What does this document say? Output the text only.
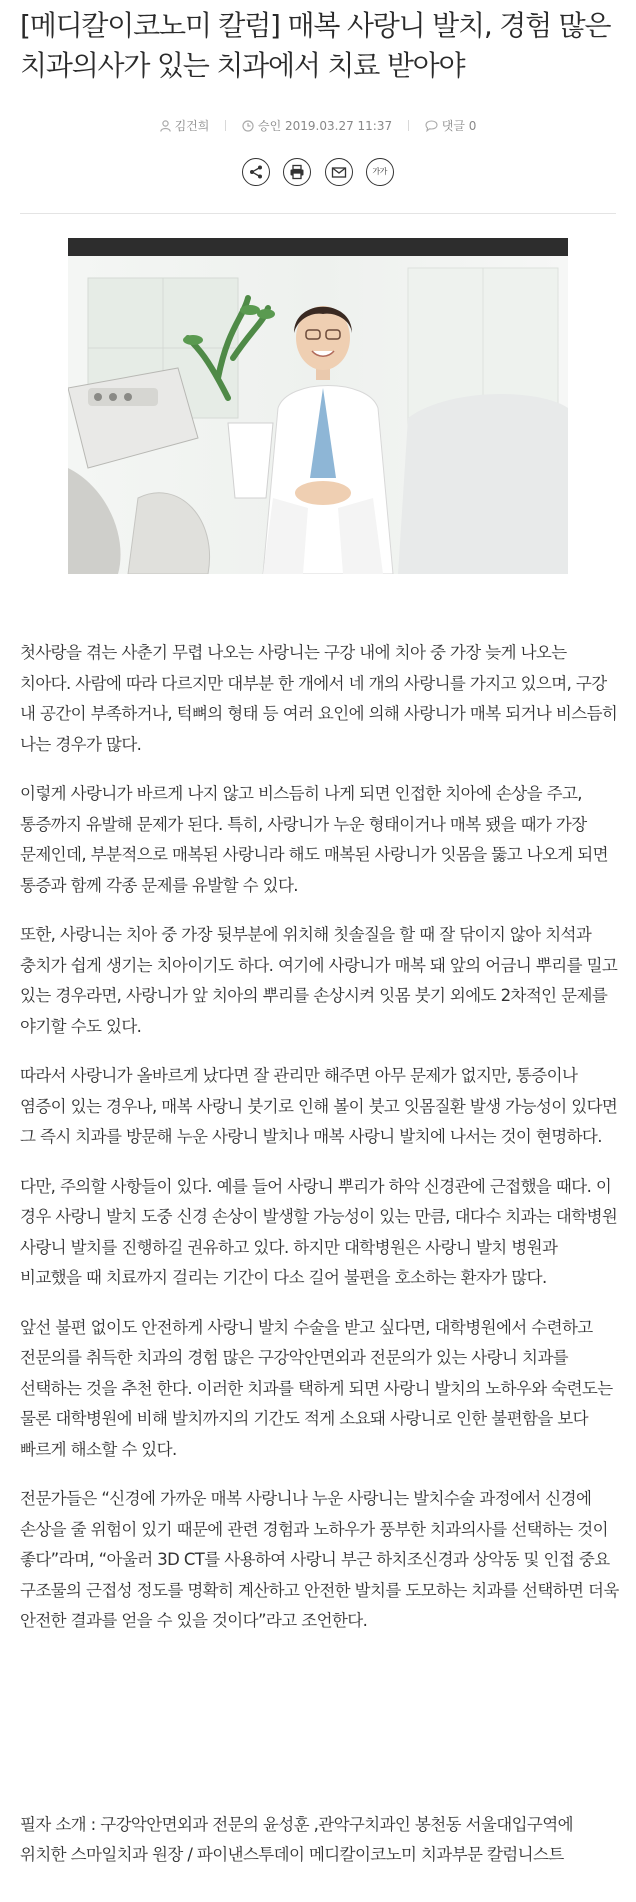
[메디칼이코노미 칼럼] 매복 사랑니 발치, 경험 많은 치과의사가 있는 치과에서 치료 받아야
김건희	승인 2019.03.27 11:37	댓글 0

가가

첫사랑을 겪는 사춘기 무렵 나오는 사랑니는 구강 내에 치아 중 가장 늦게 나오는 치아다. 사람에 따라 다르지만 대부분 한 개에서 네 개의 사랑니를 가지고 있으며, 구강 내 공간이 부족하거나, 턱뼈의 형태 등 여러 요인에 의해 사랑니가 매복 되거나 비스듬히 나는 경우가 많다.

이렇게 사랑니가 바르게 나지 않고 비스듬히 나게 되면 인접한 치아에 손상을 주고, 통증까지 유발해 문제가 된다. 특히, 사랑니가 누운 형태이거나 매복 됐을 때가 가장 문제인데, 부분적으로 매복된 사랑니라 해도 매복된 사랑니가 잇몸을 뚫고 나오게 되면 통증과 함께 각종 문제를 유발할 수 있다.

또한, 사랑니는 치아 중 가장 뒷부분에 위치해 칫솔질을 할 때 잘 닦이지 않아 치석과 충치가 쉽게 생기는 치아이기도 하다. 여기에 사랑니가 매복 돼 앞의 어금니 뿌리를 밀고 있는 경우라면, 사랑니가 앞 치아의 뿌리를 손상시켜 잇몸 붓기 외에도 2차적인 문제를 야기할 수도 있다.

따라서 사랑니가 올바르게 났다면 잘 관리만 해주면 아무 문제가 없지만, 통증이나 염증이 있는 경우나, 매복 사랑니 붓기로 인해 볼이 붓고 잇몸질환 발생 가능성이 있다면 그 즉시 치과를 방문해 누운 사랑니 발치나 매복 사랑니 발치에 나서는 것이 현명하다.

다만, 주의할 사항들이 있다. 예를 들어 사랑니 뿌리가 하악 신경관에 근접했을 때다. 이 경우 사랑니 발치 도중 신경 손상이 발생할 가능성이 있는 만큼, 대다수 치과는 대학병원 사랑니 발치를 진행하길 권유하고 있다. 하지만 대학병원은 사랑니 발치 병원과 비교했을 때 치료까지 걸리는 기간이 다소 길어 불편을 호소하는 환자가 많다.

앞선 불편 없이도 안전하게 사랑니 발치 수술을 받고 싶다면, 대학병원에서 수련하고 전문의를 취득한 치과의 경험 많은 구강악안면외과 전문의가 있는 사랑니 치과를 선택하는 것을 추천 한다. 이러한 치과를 택하게 되면 사랑니 발치의 노하우와 숙련도는 물론 대학병원에 비해 발치까지의 기간도 적게 소요돼 사랑니로 인한 불편함을 보다 빠르게 해소할 수 있다.

전문가들은 “신경에 가까운 매복 사랑니나 누운 사랑니는 발치수술 과정에서 신경에 손상을 줄 위험이 있기 때문에 관련 경험과 노하우가 풍부한 치과의사를 선택하는 것이 좋다”라며, “아울러 3D CT를 사용하여 사랑니 부근 하치조신경과 상악동 및 인접 중요 구조물의 근접성 정도를 명확히 계산하고 안전한 발치를 도모하는 치과를 선택하면 더욱 안전한 결과를 얻을 수 있을 것이다”라고 조언한다.

필자 소개 : 구강악안면외과 전문의 윤성훈 ,관악구치과인 봉천동 서울대입구역에 위치한 스마일치과 원장 / 파이낸스투데이 메디칼이코노미 치과부문 칼럼니스트
